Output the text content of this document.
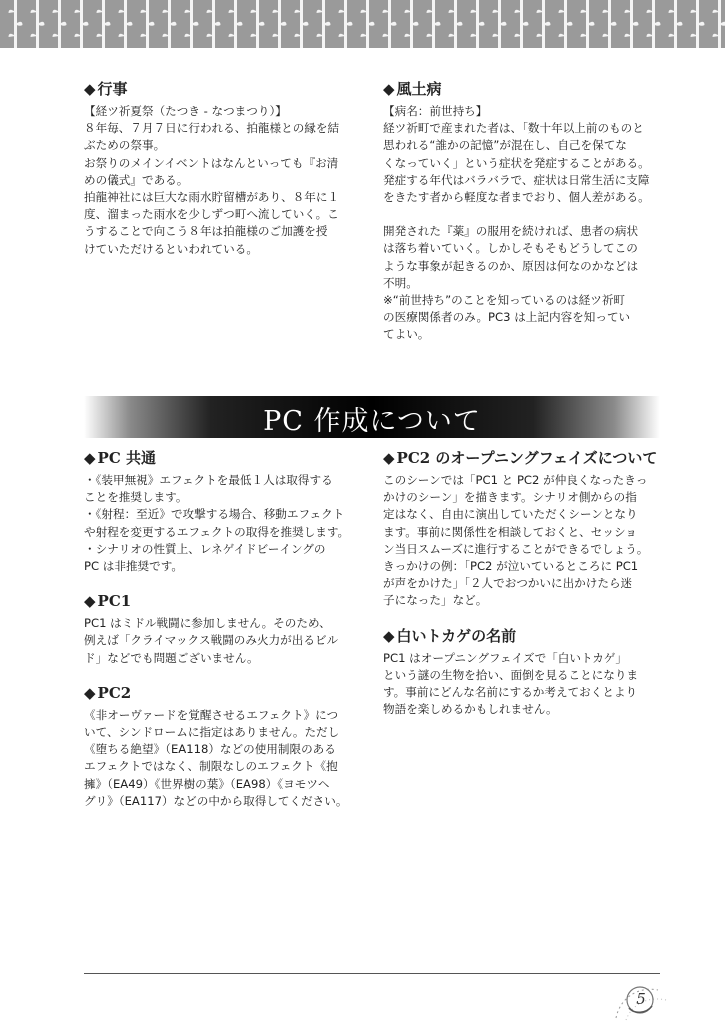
◆ 行事
【経ツ祈夏祭（たつき - なつまつり）】
８年毎、７月７日に行われる、拍龍様との縁を結
ぶための祭事。
お祭りのメインイベントはなんといっても『お清
めの儀式』である。
拍龍神社には巨大な雨水貯留槽があり、８年に１
度、溜まった雨水を少しずつ町へ流していく。こ
うすることで向こう８年は拍龍様のご加護を授
けていただけるといわれている。
◆ 風土病
【病名：前世持ち】
経ツ祈町で産まれた者は、「数十年以上前のものと
思われる“誰かの記憶”が混在し、自己を保てな
くなっていく」という症状を発症することがある。
発症する年代はバラバラで、症状は日常生活に支障
をきたす者から軽度な者までおり、個人差がある。
開発された『薬』の服用を続ければ、患者の病状
は落ち着いていく。しかしそもそもどうしてこの
ような事象が起きるのか、原因は何なのかなどは
不明。
※“前世持ち”のことを知っているのは経ツ祈町
の医療関係者のみ。PC3 は上記内容を知ってい
てよい。
PC 作成について
◆ PC 共通
・《装甲無視》エフェクトを最低１人は取得する
ことを推奨します。
・《射程：至近》で攻撃する場合、移動エフェクト
や射程を変更するエフェクトの取得を推奨します。
・シナリオの性質上、レネゲイドビーイングの
PC は非推奨です。
◆ PC1
PC1 はミドル戦闘に参加しません。そのため、
例えば「クライマックス戦闘のみ火力が出るビル
ド」などでも問題ございません。
◆ PC2
《非オーヴァードを覚醒させるエフェクト》につ
いて、シンドロームに指定はありません。ただし
《堕ちる絶望》（EA118）などの使用制限のある
エフェクトではなく、制限なしのエフェクト《抱
擁》（EA49）《世界樹の葉》（EA98）《ヨモツヘ
グリ》（EA117）などの中から取得してください。
◆ PC2 のオープニングフェイズについて
このシーンでは「PC1 と PC2 が仲良くなったきっ
かけのシーン」を描きます。シナリオ側からの指
定はなく、自由に演出していただくシーンとなり
ます。事前に関係性を相談しておくと、セッショ
ン当日スムーズに進行することができるでしょう。
きっかけの例：「PC2 が泣いているところに PC1
が声をかけた」「２人でおつかいに出かけたら迷
子になった」など。
◆ 白いトカゲの名前
PC1 はオープニングフェイズで「白いトカゲ」
という謎の生物を拾い、面倒を見ることになりま
す。事前にどんな名前にするか考えておくとより
物語を楽しめるかもしれません。
5
